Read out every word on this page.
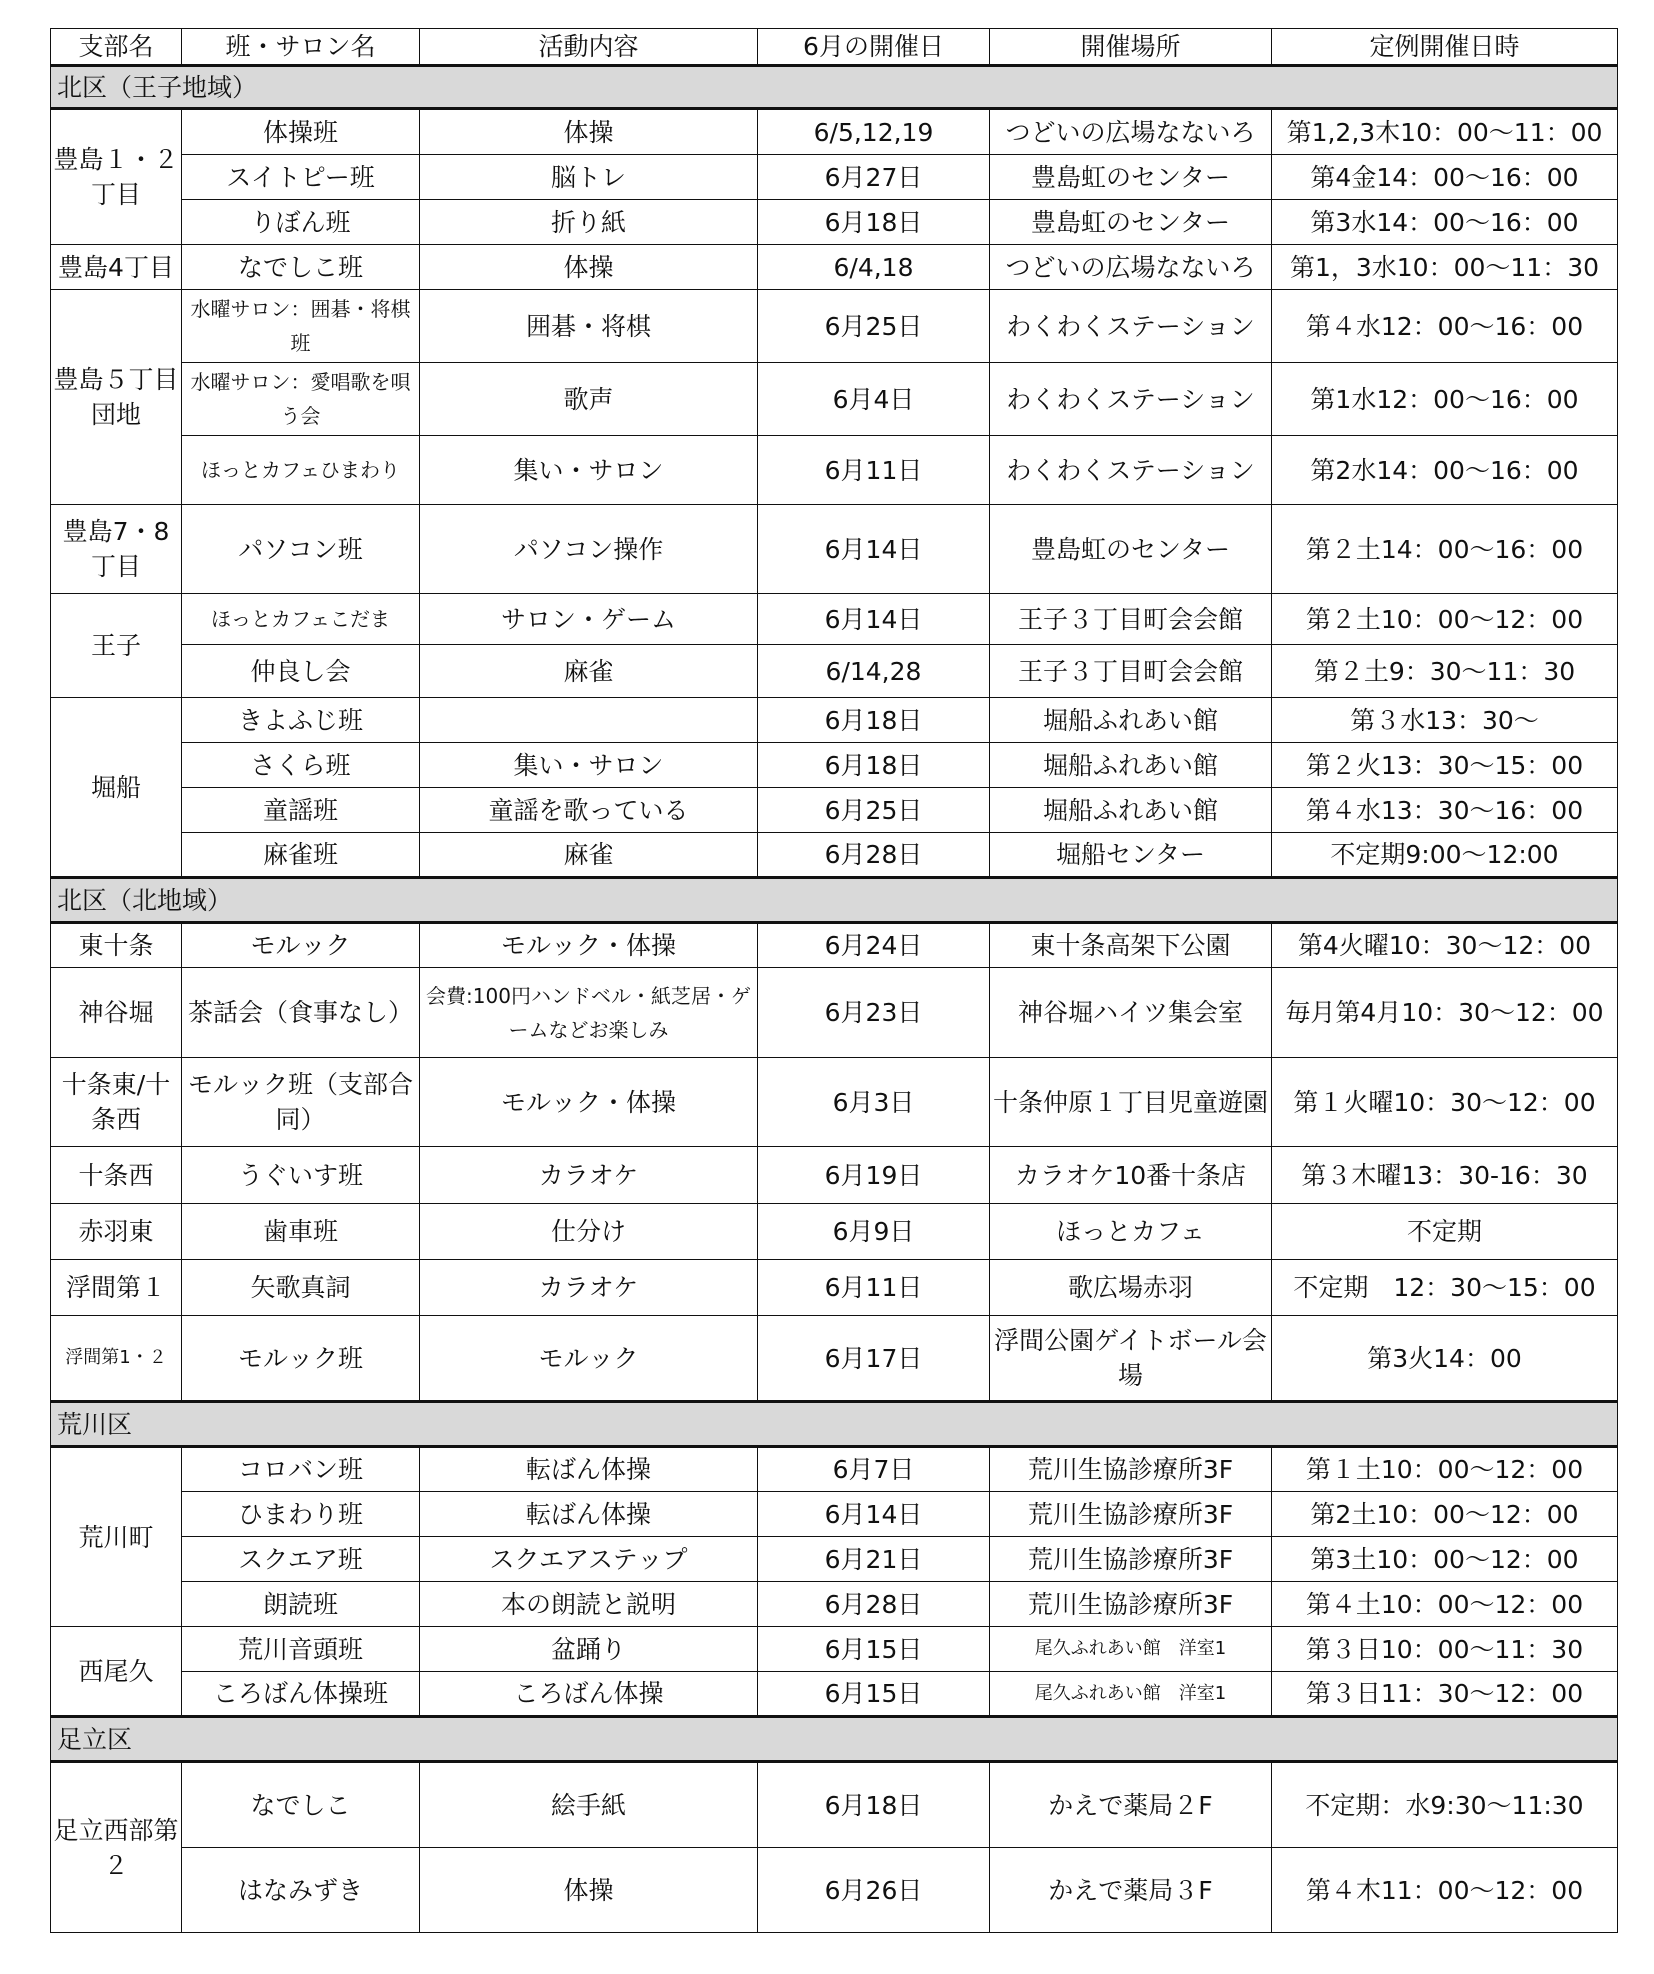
支部名	班・サロン名	活動内容	6月の開催日	開催場所	定例開催日時
北区（王子地域）					
豊島１・２丁目	体操班	体操	6/5,12,19	つどいの広場なないろ	第1,2,3木10：00～11：00
	スイトピー班	脳トレ	6月27日	豊島虹のセンター	第4金14：00～16：00
	りぼん班	折り紙	6月18日	豊島虹のセンター	第3水14：00～16：00
豊島4丁目	なでしこ班	体操	6/4,18	つどいの広場なないろ	第1，3水10：00～11：30
豊島５丁目団地	水曜サロン：囲碁・将棋班	囲碁・将棋	6月25日	わくわくステーション	第４水12：00～16：00
	水曜サロン：愛唱歌を唄う会	歌声	6月4日	わくわくステーション	第1水12：00～16：00
	ほっとカフェひまわり	集い・サロン	6月11日	わくわくステーション	第2水14：00～16：00
豊島7・8丁目	パソコン班	パソコン操作	6月14日	豊島虹のセンター	第２土14：00～16：00
王子	ほっとカフェこだま	サロン・ゲーム	6月14日	王子３丁目町会会館	第２土10：00～12：00
	仲良し会	麻雀	6/14,28	王子３丁目町会会館	第２土9：30～11：30
堀船	きよふじ班		6月18日	堀船ふれあい館	第３水13：30～
	さくら班	集い・サロン	6月18日	堀船ふれあい館	第２火13：30～15：00
	童謡班	童謡を歌っている	6月25日	堀船ふれあい館	第４水13：30～16：00
	麻雀班	麻雀	6月28日	堀船センター	不定期9:00～12:00
北区（北地域）					
東十条	モルック	モルック・体操	6月24日	東十条高架下公園	第4火曜10：30～12：00
神谷堀	茶話会（食事なし）	会費:100円ハンドベル・紙芝居・ゲームなどお楽しみ	6月23日	神谷堀ハイツ集会室	毎月第4月10：30～12：00
十条東/十条西	モルック班（支部合同）	モルック・体操	6月3日	十条仲原１丁目児童遊園	第１火曜10：30～12：00
十条西	うぐいす班	カラオケ	6月19日	カラオケ10番十条店	第３木曜13：30-16：30
赤羽東	歯車班	仕分け	6月9日	ほっとカフェ	不定期
浮間第１	矢歌真詞	カラオケ	6月11日	歌広場赤羽	不定期　12：30～15：00
浮間第1・２	モルック班	モルック	6月17日	浮間公園ゲイトボール会場	第3火14：00
荒川区					
荒川町	コロバン班	転ばん体操	6月7日	荒川生協診療所3F	第１土10：00～12：00
	ひまわり班	転ばん体操	6月14日	荒川生協診療所3F	第2土10：00～12：00
	スクエア班	スクエアステップ	6月21日	荒川生協診療所3F	第3土10：00～12：00
	朗読班	本の朗読と説明	6月28日	荒川生協診療所3F	第４土10：00～12：00
西尾久	荒川音頭班	盆踊り	6月15日	尾久ふれあい館　洋室1	第３日10：00～11：30
	ころばん体操班	ころばん体操	6月15日	尾久ふれあい館　洋室1	第３日11：30～12：00
足立区					
足立西部第２	なでしこ	絵手紙	6月18日	かえで薬局２F	不定期：水9:30～11:30
	はなみずき	体操	6月26日	かえで薬局３F	第４木11：00～12：00
